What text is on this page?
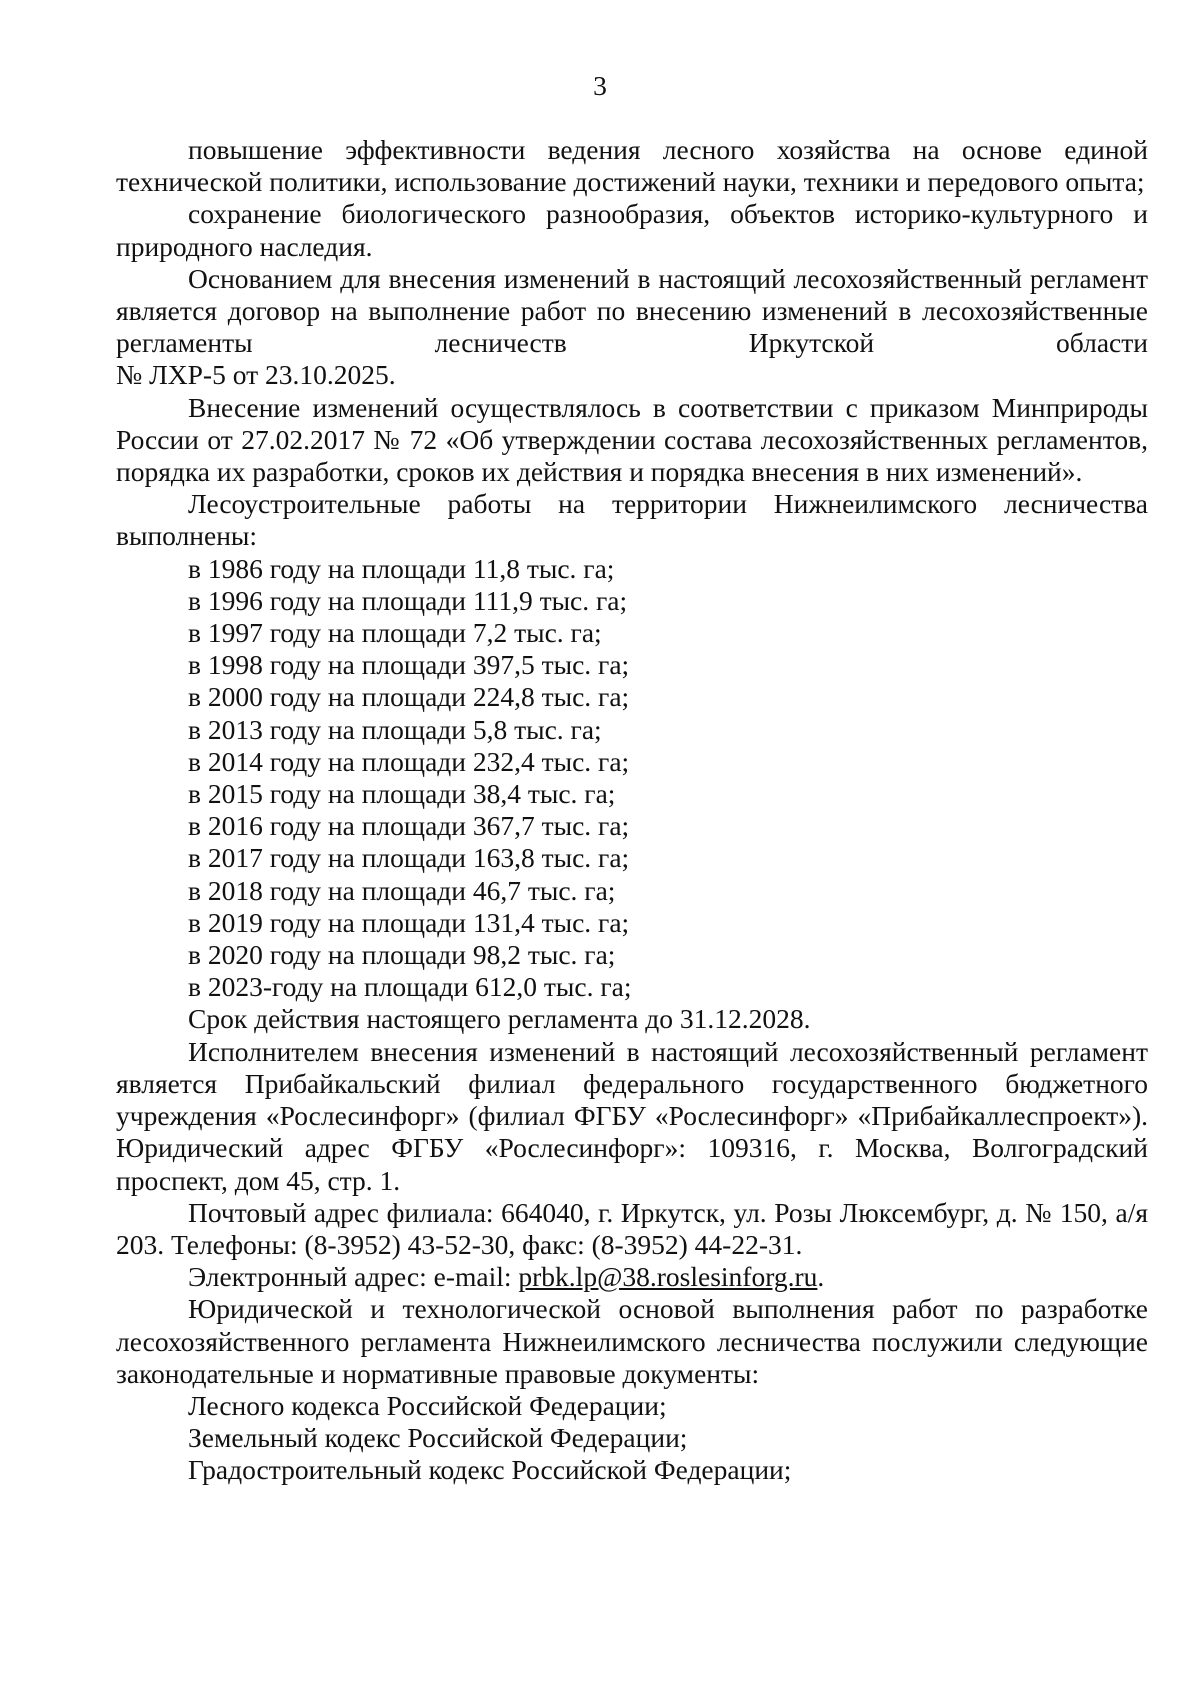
3

повышение эффективности ведения лесного хозяйства на основе единой технической политики, использование достижений науки, техники и передового опыта;

сохранение биологического разнообразия, объектов историко-культурного и природного наследия.

Основанием для внесения изменений в настоящий лесохозяйственный регламент является договор на выполнение работ по внесению изменений в лесохозяйственные регламенты лесничеств Иркутской области

№ ЛХР-5 от 23.10.2025.

Внесение изменений осуществлялось в соответствии с приказом Минприроды России от 27.02.2017 № 72 «Об утверждении состава лесохозяйственных регламентов, порядка их разработки, сроков их действия и порядка внесения в них изменений».

Лесоустроительные работы на территории Нижнеилимского лесничества выполнены:

в 1986 году на площади 11,8 тыс. га;

в 1996 году на площади 111,9 тыс. га;

в 1997 году на площади 7,2 тыс. га;

в 1998 году на площади 397,5 тыс. га;

в 2000 году на площади 224,8 тыс. га;

в 2013 году на площади 5,8 тыс. га;

в 2014 году на площади 232,4 тыс. га;

в 2015 году на площади 38,4 тыс. га;

в 2016 году на площади 367,7 тыс. га;

в 2017 году на площади 163,8 тыс. га;

в 2018 году на площади 46,7 тыс. га;

в 2019 году на площади 131,4 тыс. га;

в 2020 году на площади 98,2 тыс. га;

в 2023-году на площади 612,0 тыс. га;

Срок действия настоящего регламента до 31.12.2028.

Исполнителем внесения изменений в настоящий лесохозяйственный регламент является Прибайкальский филиал федерального государственного бюджетного учреждения «Рослесинфорг» (филиал ФГБУ «Рослесинфорг» «Прибайкаллеспроект»). Юридический адрес ФГБУ «Рослесинфорг»: 109316, г. Москва, Волгоградский проспект, дом 45, стр. 1.

Почтовый адрес филиала: 664040, г. Иркутск, ул. Розы Люксембург, д. № 150, а/я 203. Телефоны: (8-3952) 43-52-30, факс: (8-3952) 44-22-31.

Электронный адрес: e-mail: prbk.lp@38.roslesinforg.ru.

Юридической и технологической основой выполнения работ по разработке лесохозяйственного регламента Нижнеилимского лесничества послужили следующие законодательные и нормативные правовые документы:

Лесного кодекса Российской Федерации;

Земельный кодекс Российской Федерации;

Градостроительный кодекс Российской Федерации;
